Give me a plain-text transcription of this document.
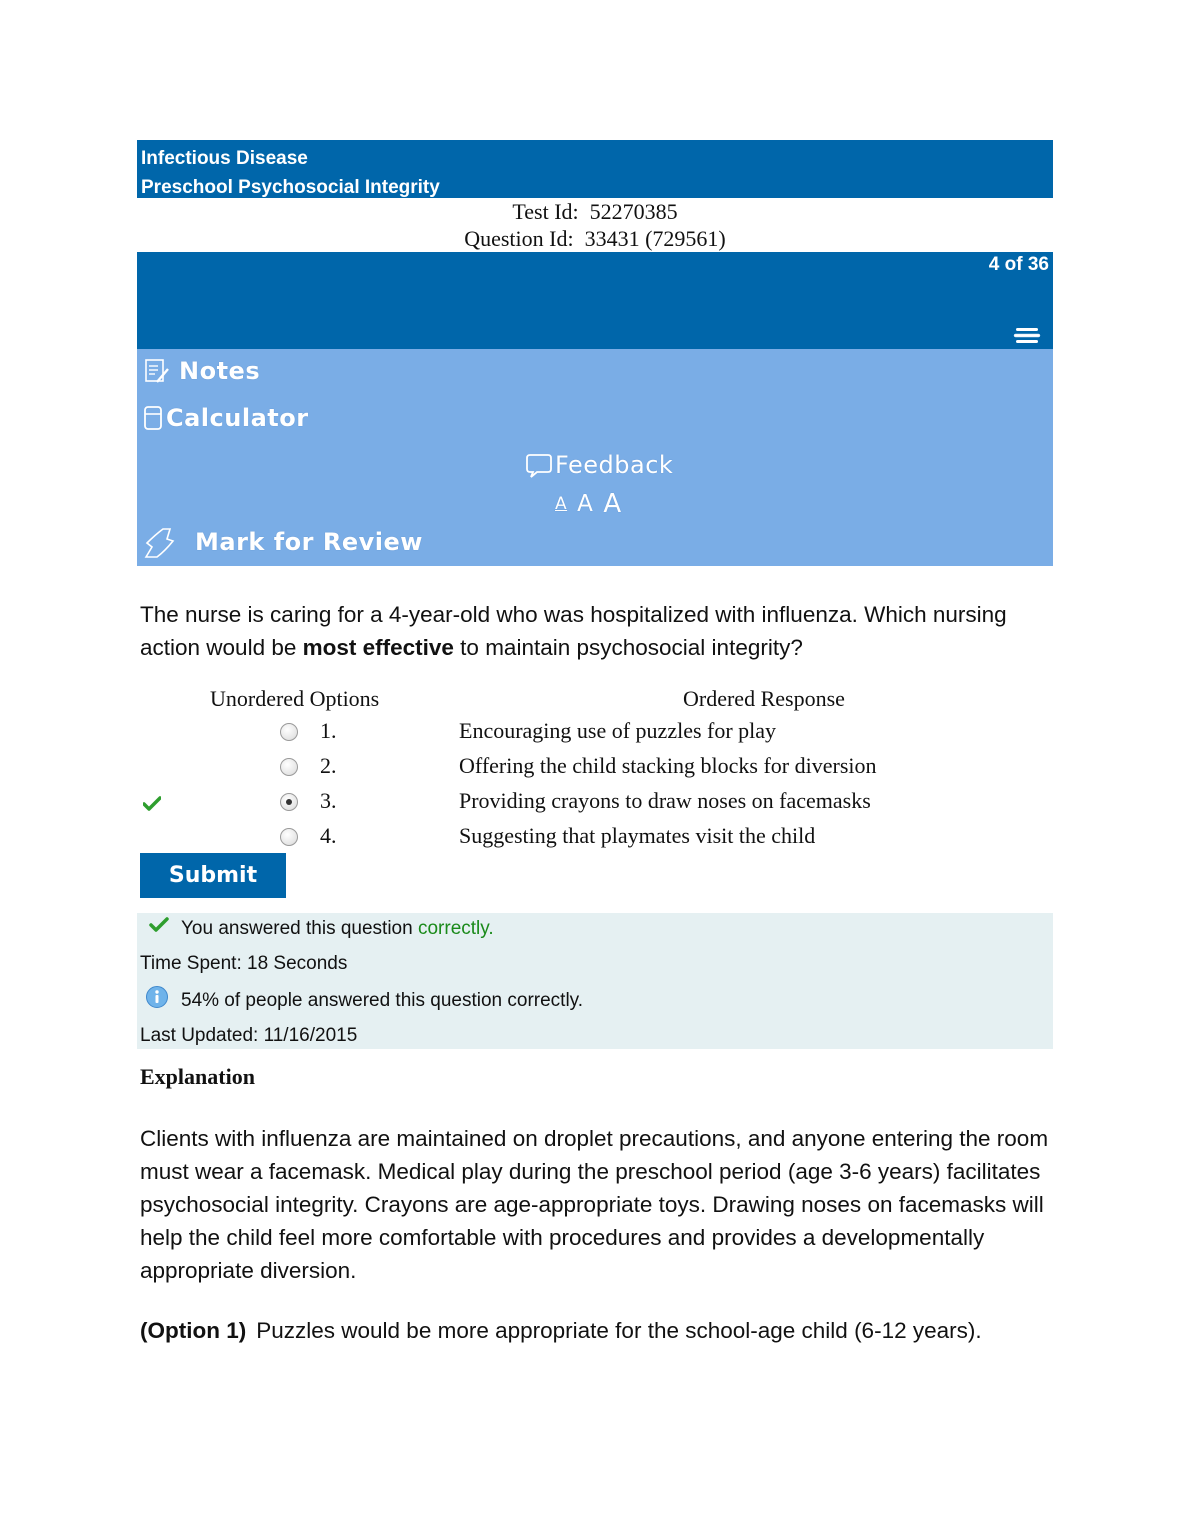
Infectious Disease
Preschool Psychosocial Integrity
Test Id: 52270385
Question Id: 33431 (729561)
4 of 36
Notes
Calculator
Feedback
A A A
Mark for Review
The nurse is caring for a 4-year-old who was hospitalized with influenza. Which nursing action would be most effective to maintain psychosocial integrity?
Unordered Options	Ordered Response
1.	Encouraging use of puzzles for play
2.	Offering the child stacking blocks for diversion
3.	Providing crayons to draw noses on facemasks
4.	Suggesting that playmates visit the child
Submit
You answered this question correctly.
Time Spent: 18 Seconds
54% of people answered this question correctly.
Last Updated: 11/16/2015
Explanation
Clients with influenza are maintained on droplet precautions, and anyone entering the room must wear a facemask. Medical play during the preschool period (age 3-6 years) facilitates psychosocial integrity. Crayons are age-appropriate toys. Drawing noses on facemasks will help the child feel more comfortable with procedures and provides a developmentally appropriate diversion.
(Option 1) Puzzles would be more appropriate for the school-age child (6-12 years).
